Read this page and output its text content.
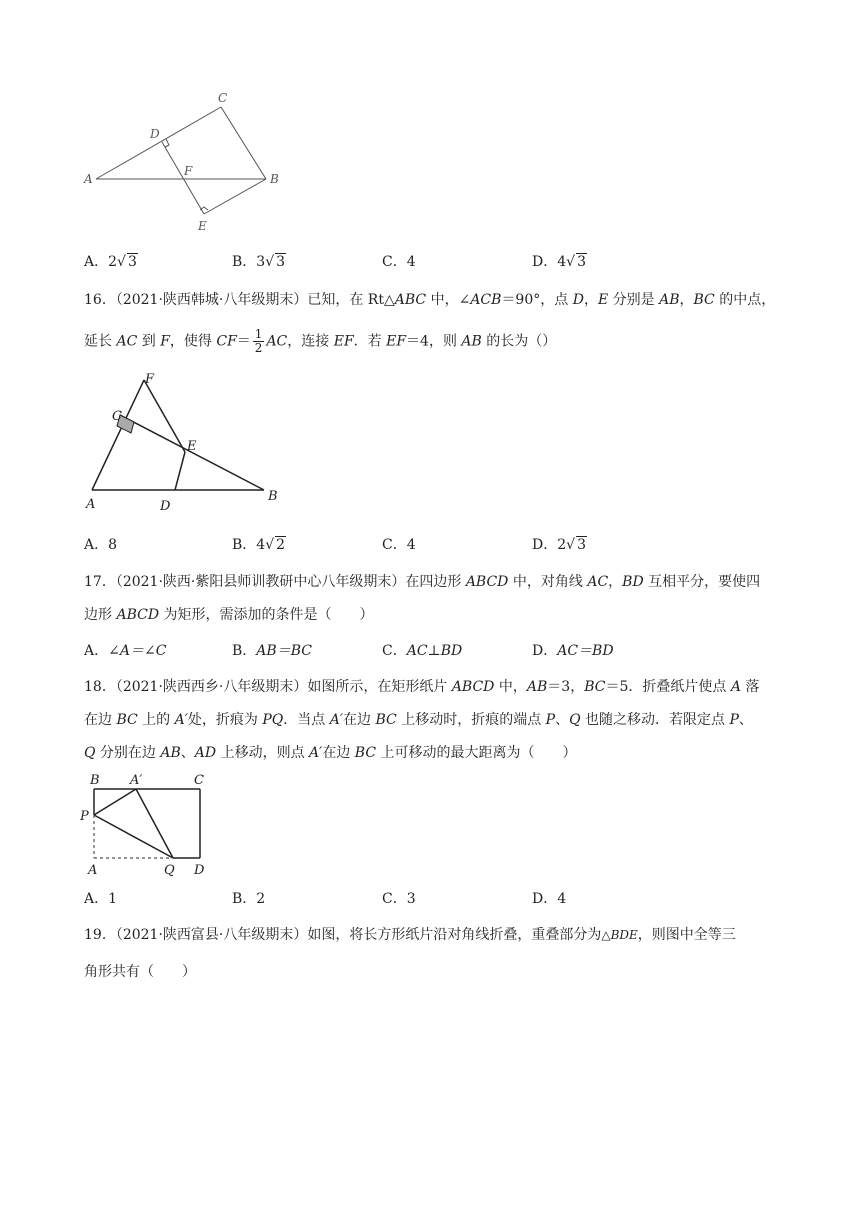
C
D
A
F
B
E
A．2√ 3	B．3√ 3	C．4	D．4√ 3
16．（2021·陕西韩城·八年级期末）已知，在 Rt△ABC 中，∠ACB＝90°，点 D，E 分别是 AB，BC 的中点，
延长 AC 到 F，使得 $CF= \frac{1}{2}$ AC，连接 EF．若 EF＝4，则 AB 的长为（）
F
C
E
A	D
B
A．8	B．4√ 2	C．4	D．2√ 3
17．（2021·陕西·紫阳县师训教研中心八年级期末）在四边形 ABCD 中，对角线 AC，BD 互相平分，要使四
边形 ABCD 为矩形，需添加的条件是（　　）
A．∠A＝∠C	B．AB＝BC	C．AC⊥BD	D．AC＝BD
18．（2021·陕西西乡·八年级期末）如图所示，在矩形纸片 ABCD 中，AB＝3，BC＝5．折叠纸片使点 A 落
在边 BC 上的 A′处，折痕为 PQ．当点 A′在边 BC 上移动时，折痕的端点 P、Q 也随之移动．若限定点 P、
Q 分别在边 AB、AD 上移动，则点 A′在边 BC 上可移动的最大距离为（　　）
B A′	C
P
A	Q D
A．1	B．2	C．3	D．4
19．（2021·陕西富县·八年级期末）如图，将长方形纸片沿对角线折叠，重叠部分为△BDE，则图中全等三
角形共有（　　）
